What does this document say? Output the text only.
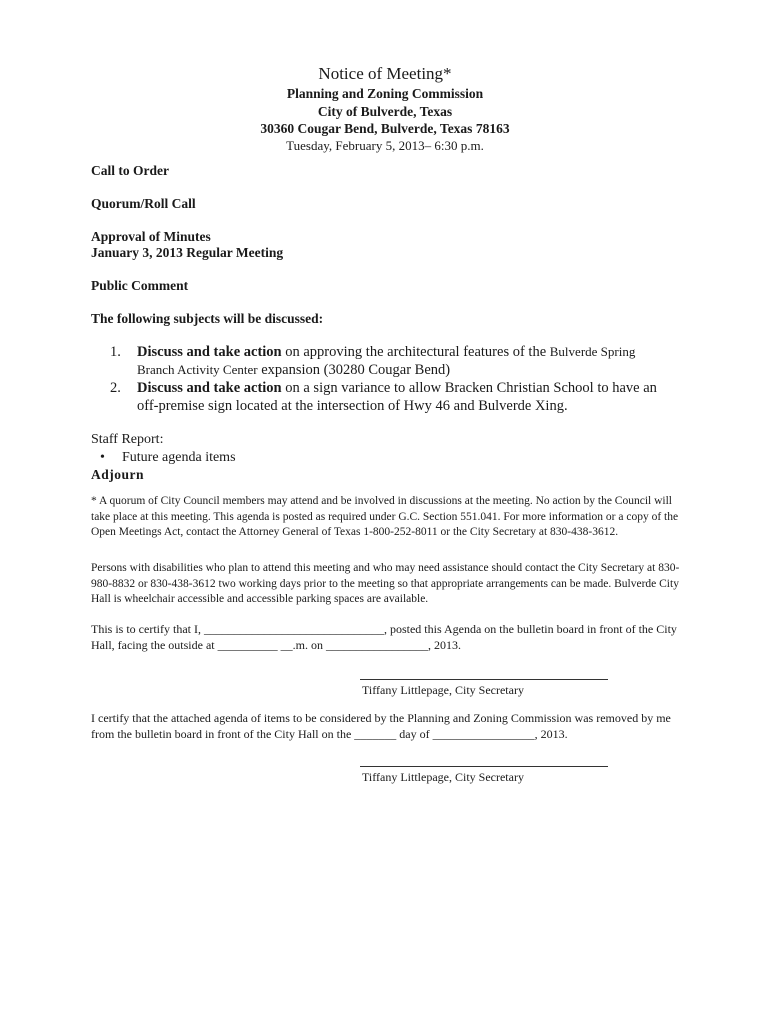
Notice of Meeting*
Planning and Zoning Commission
City of Bulverde, Texas
30360 Cougar Bend, Bulverde, Texas 78163
Tuesday, February 5, 2013– 6:30 p.m.
Call to Order
Quorum/Roll Call
Approval of Minutes
January 3, 2013 Regular Meeting
Public Comment
The following subjects will be discussed:
1. Discuss and take action on approving the architectural features of the Bulverde Spring Branch Activity Center expansion (30280 Cougar Bend)
2. Discuss and take action on a sign variance to allow Bracken Christian School to have an off-premise sign located at the intersection of Hwy 46 and Bulverde Xing.
Staff Report:
• Future agenda items
Adjourn
* A quorum of City Council members may attend and be involved in discussions at the meeting. No action by the Council will take place at this meeting. This agenda is posted as required under G.C. Section 551.041. For more information or a copy of the Open Meetings Act, contact the Attorney General of Texas 1-800-252-8011 or the City Secretary at 830-438-3612.
Persons with disabilities who plan to attend this meeting and who may need assistance should contact the City Secretary at 830-980-8832 or 830-438-3612 two working days prior to the meeting so that appropriate arrangements can be made. Bulverde City Hall is wheelchair accessible and accessible parking spaces are available.
This is to certify that I, ______________________________, posted this Agenda on the bulletin board in front of the City Hall, facing the outside at __________ __.m. on _________________, 2013.
Tiffany Littlepage, City Secretary
I certify that the attached agenda of items to be considered by the Planning and Zoning Commission was removed by me from the bulletin board in front of the City Hall on the _______ day of _________________, 2013.
Tiffany Littlepage, City Secretary
